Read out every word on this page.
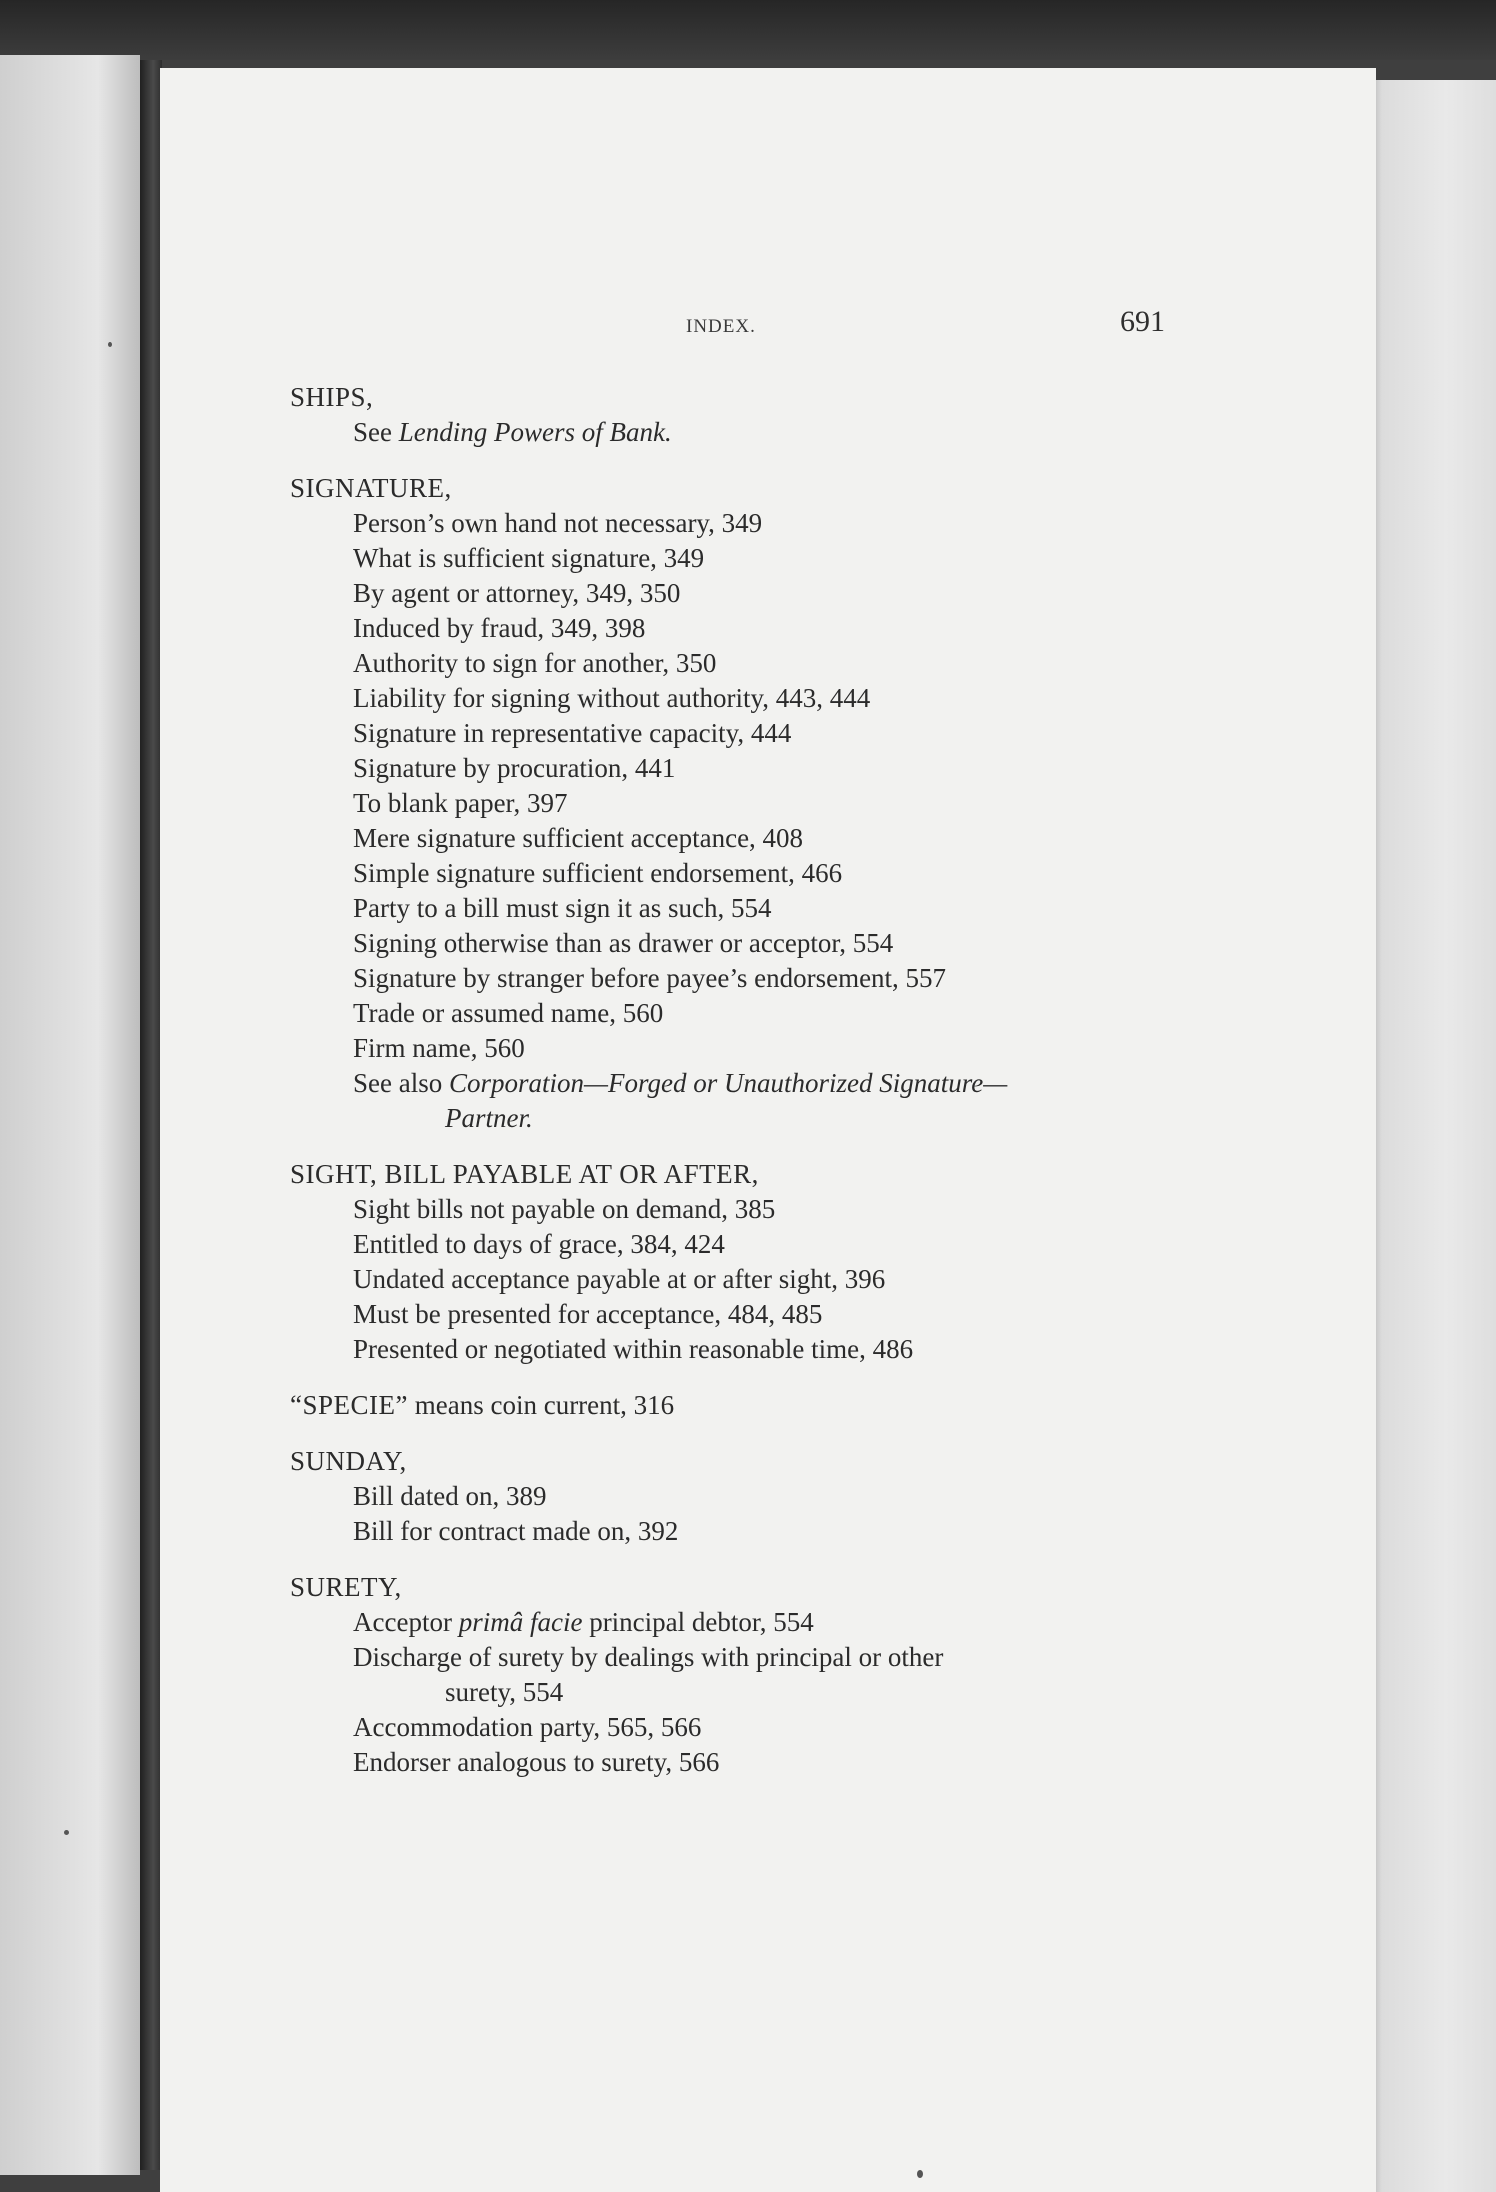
INDEX.	691
SHIPS,
See Lending Powers of Bank.
SIGNATURE,
Person’s own hand not necessary, 349
What is sufficient signature, 349
By agent or attorney, 349, 350
Induced by fraud, 349, 398
Authority to sign for another, 350
Liability for signing without authority, 443, 444
Signature in representative capacity, 444
Signature by procuration, 441
To blank paper, 397
Mere signature sufficient acceptance, 408
Simple signature sufficient endorsement, 466
Party to a bill must sign it as such, 554
Signing otherwise than as drawer or acceptor, 554
Signature by stranger before payee’s endorsement, 557
Trade or assumed name, 560
Firm name, 560
See also Corporation—Forged or Unauthorized Signature—
Partner.
SIGHT, BILL PAYABLE AT OR AFTER,
Sight bills not payable on demand, 385
Entitled to days of grace, 384, 424
Undated acceptance payable at or after sight, 396
Must be presented for acceptance, 484, 485
Presented or negotiated within reasonable time, 486
“SPECIE” means coin current, 316
SUNDAY,
Bill dated on, 389
Bill for contract made on, 392
SURETY,
Acceptor primâ facie principal debtor, 554
Discharge of surety by dealings with principal or other
surety, 554
Accommodation party, 565, 566
Endorser analogous to surety, 566
